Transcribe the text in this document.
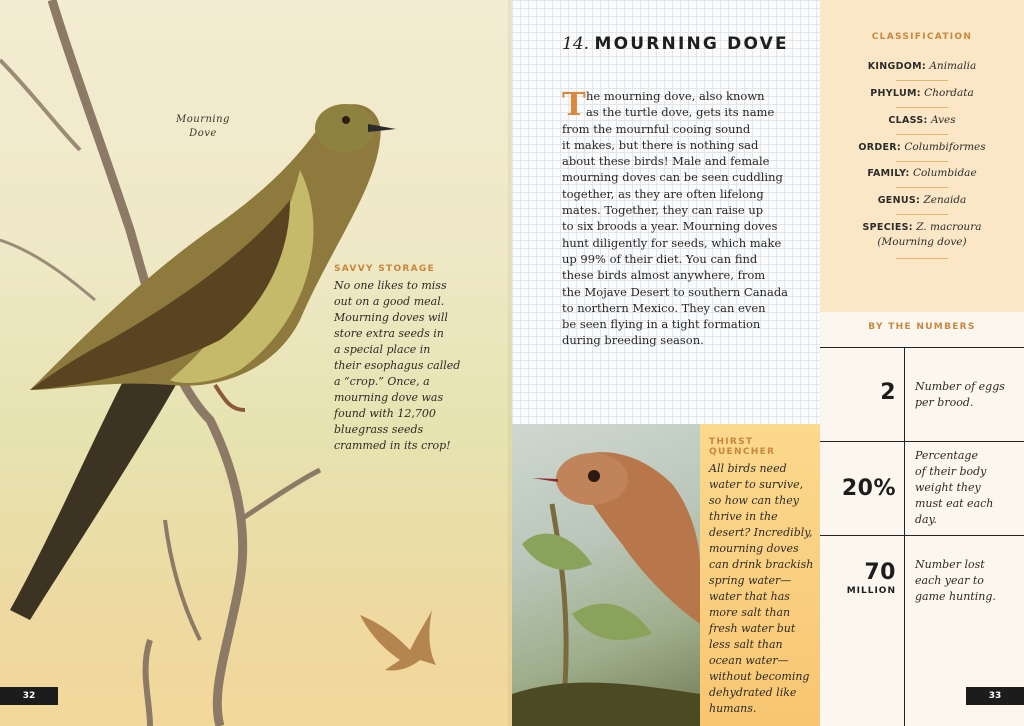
Mourning
Dove
SAVVY STORAGE
No one likes to miss
out on a good meal.
Mourning doves will
store extra seeds in
a special place in
their esophagus called
a “crop.” Once, a
mourning dove was
found with 12,700
bluegrass seeds
crammed in its crop!
32
14. MOURNING DOVE
The mourning dove, also known
as the turtle dove, gets its name
from the mournful cooing sound
it makes, but there is nothing sad
about these birds! Male and female
mourning doves can be seen cuddling
together, as they are often lifelong
mates. Together, they can raise up
to six broods a year. Mourning doves
hunt diligently for seeds, which make
up 99% of their diet. You can find
these birds almost anywhere, from
the Mojave Desert to southern Canada
to northern Mexico. They can even
be seen flying in a tight formation
during breeding season.
THIRST QUENCHER
All birds need
water to survive,
so how can they
thrive in the
desert? Incredibly,
mourning doves
can drink brackish
spring water—
water that has
more salt than
fresh water but
less salt than
ocean water—
without becoming
dehydrated like
humans.
CLASSIFICATION
KINGDOM: Animalia
PHYLUM: Chordata
CLASS: Aves
ORDER: Columbiformes
FAMILY: Columbidae
GENUS: Zenaida
SPECIES: Z. macroura
(Mourning dove)
BY THE NUMBERS
2 Number of eggs
per brood.
20%
Percentage
of their body
weight they
must eat each
day.
70
MILLION
Number lost
each year to
game hunting.
33
